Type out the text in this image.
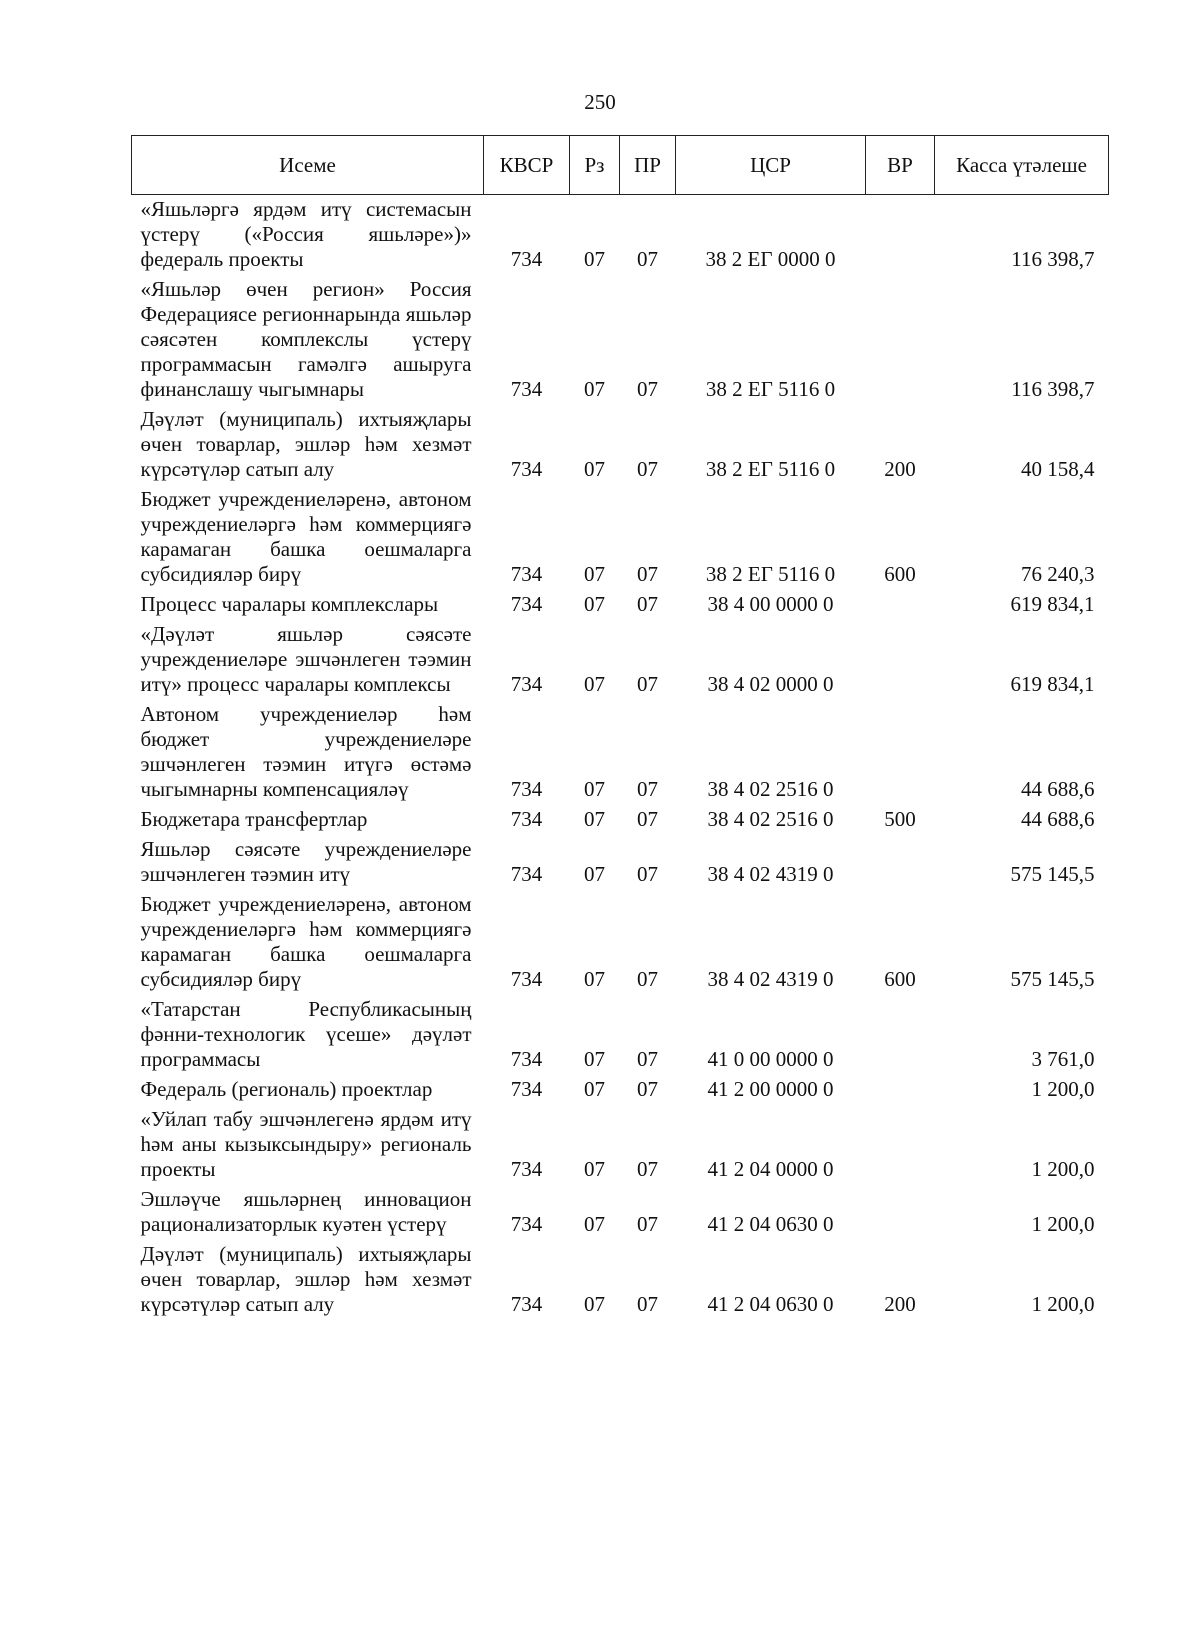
250
Исеме	КВСР	Рз	ПР	ЦСР	ВР	Касса үтәлеше
«Яшьләргә ярдәм итү системасын үстерү («Россия яшьләре»)» федераль проекты	734	07	07	38 2 ЕГ 0000 0		116 398,7
«Яшьләр өчен регион» Россия Федерациясе регионнарында яшьләр сәясәтен комплекслы үстерү программасын гамәлгә ашыруга финанслашу чыгымнары	734	07	07	38 2 ЕГ 5116 0		116 398,7
Дәүләт (муниципаль) ихтыяҗлары өчен товарлар, эшләр һәм хезмәт күрсәтүләр сатып алу	734	07	07	38 2 ЕГ 5116 0	200	40 158,4
Бюджет учреждениеләренә, автоном учреждениеләргә һәм коммерциягә карамаган башка оешмаларга субсидияләр бирү	734	07	07	38 2 ЕГ 5116 0	600	76 240,3
Процесс чаралары комплекслары	734	07	07	38 4 00 0000 0		619 834,1
«Дәүләт яшьләр сәясәте учреждениеләре эшчәнлеген тәэмин итү» процесс чаралары комплексы	734	07	07	38 4 02 0000 0		619 834,1
Автоном учреждениеләр һәм бюджет учреждениеләре эшчәнлеген тәэмин итүгә өстәмә чыгымнарны компенсацияләү	734	07	07	38 4 02 2516 0		44 688,6
Бюджетара трансфертлар	734	07	07	38 4 02 2516 0	500	44 688,6
Яшьләр сәясәте учреждениеләре эшчәнлеген тәэмин итү	734	07	07	38 4 02 4319 0		575 145,5
Бюджет учреждениеләренә, автоном учреждениеләргә һәм коммерциягә карамаган башка оешмаларга субсидияләр бирү	734	07	07	38 4 02 4319 0	600	575 145,5
«Татарстан Республикасының фәнни-технологик үсеше» дәүләт программасы	734	07	07	41 0 00 0000 0		3 761,0
Федераль (региональ) проектлар	734	07	07	41 2 00 0000 0		1 200,0
«Уйлап табу эшчәнлегенә ярдәм итү һәм аны кызыксындыру» региональ проекты	734	07	07	41 2 04 0000 0		1 200,0
Эшләүче яшьләрнең инновацион рационализаторлык куәтен үстерү	734	07	07	41 2 04 0630 0		1 200,0
Дәүләт (муниципаль) ихтыяҗлары өчен товарлар, эшләр һәм хезмәт күрсәтүләр сатып алу	734	07	07	41 2 04 0630 0	200	1 200,0
